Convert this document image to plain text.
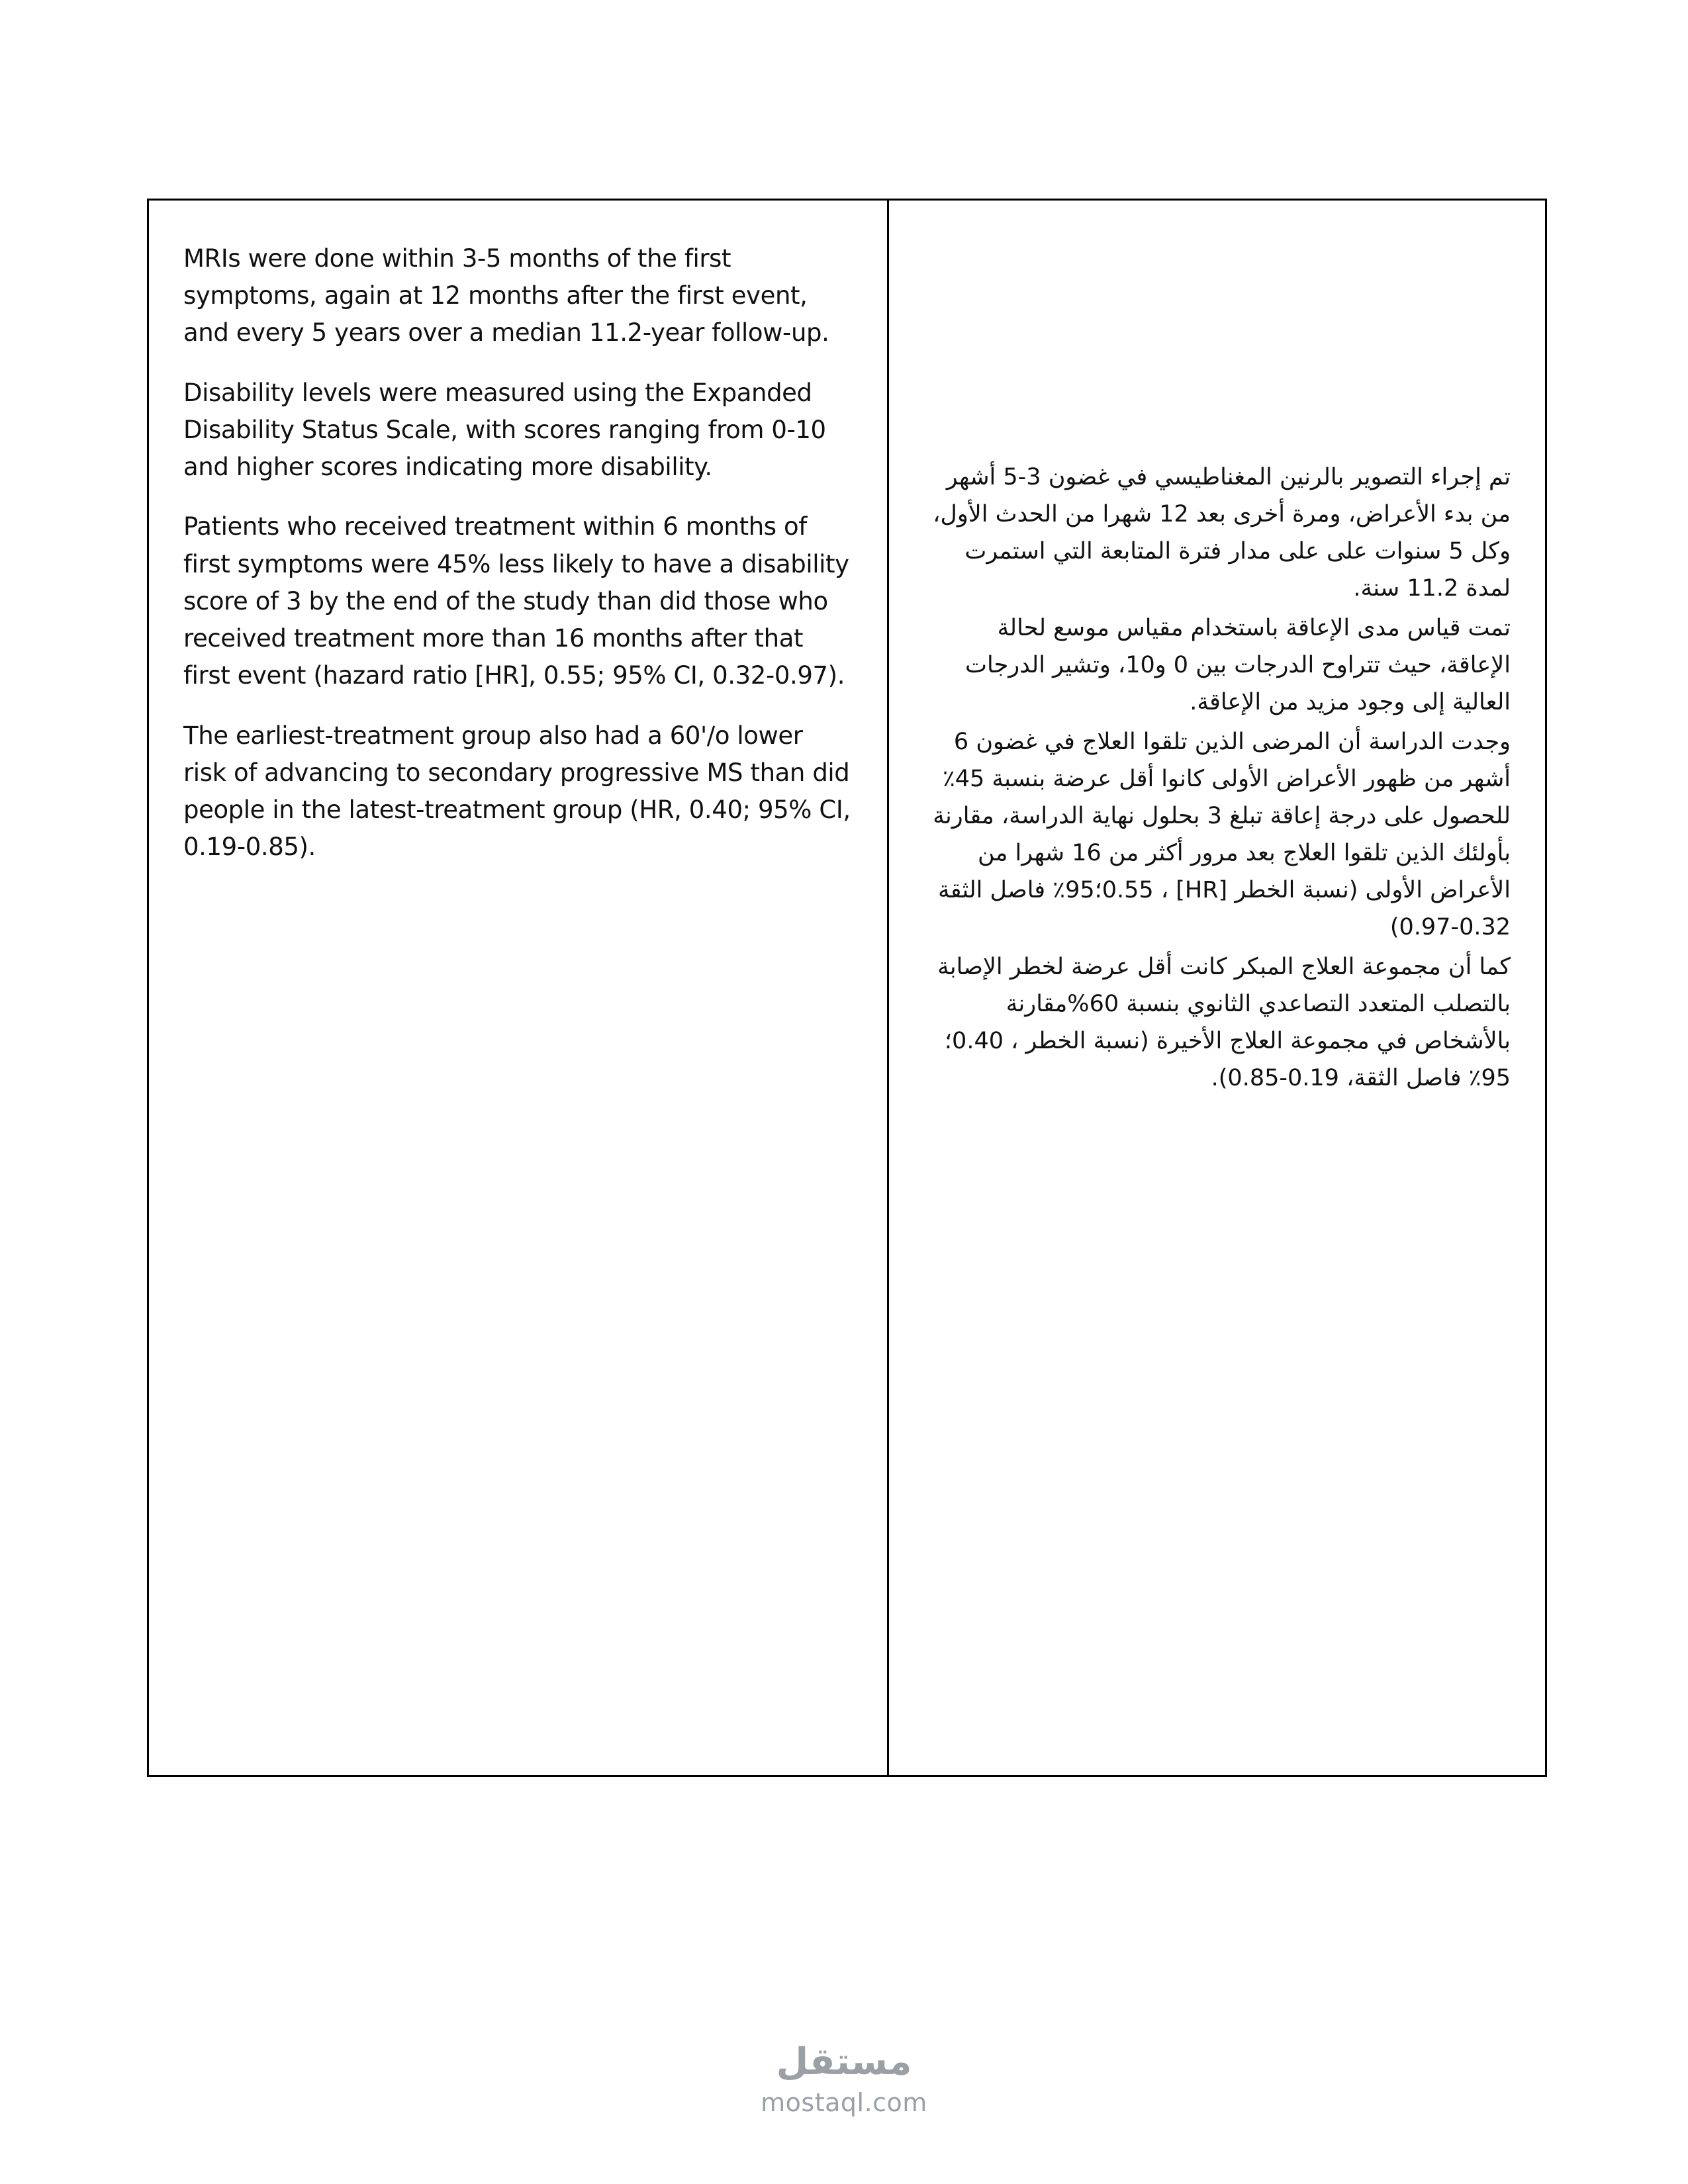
MRIs were done within 3-5 months of the first symptoms, again at 12 months after the first event, and every 5 years over a median 11.2-year follow-up.

Disability levels were measured using the Expanded Disability Status Scale, with scores ranging from 0-10 and higher scores indicating more disability.

Patients who received treatment within 6 months of first symptoms were 45% less likely to have a disability score of 3 by the end of the study than did those who received treatment more than 16 months after that first event (hazard ratio [HR], 0.55; 95% CI, 0.32-0.97).

The earliest-treatment group also had a 60'/o lower risk of advancing to secondary progressive MS than did people in the latest-treatment group (HR, 0.40; 95% CI, 0.19-0.85).

تم إجراء التصوير بالرنين المغناطيسي في غضون 3-5 أشهر من بدء الأعراض، ومرة أخرى بعد 12 شهرا من الحدث الأول، وكل 5 سنوات على على مدار فترة المتابعة التي استمرت لمدة 11.2 سنة.

تمت قياس مدى الإعاقة باستخدام مقياس موسع لحالة الإعاقة، حيث تتراوح الدرجات بين 0 و10، وتشير الدرجات العالية إلى وجود مزيد من الإعاقة.

وجدت الدراسة أن المرضى الذين تلقوا العلاج في غضون 6 أشهر من ظهور الأعراض الأولى كانوا أقل عرضة بنسبة 45٪ للحصول على درجة إعاقة تبلغ 3 بحلول نهاية الدراسة، مقارنة بأولئك الذين تلقوا العلاج بعد مرور أكثر من 16 شهرا من الأعراض الأولى (نسبة الخطر [HR] ، 0.55؛95٪ فاصل الثقة 0.32-0.97)

كما أن مجموعة العلاج المبكر كانت أقل عرضة لخطر الإصابة بالتصلب المتعدد التصاعدي الثانوي بنسبة 60%مقارنة بالأشخاص في مجموعة العلاج الأخيرة (نسبة الخطر ، 0.40؛95٪ فاصل الثقة، 0.19-0.85).

مستقل
mostaql.com
